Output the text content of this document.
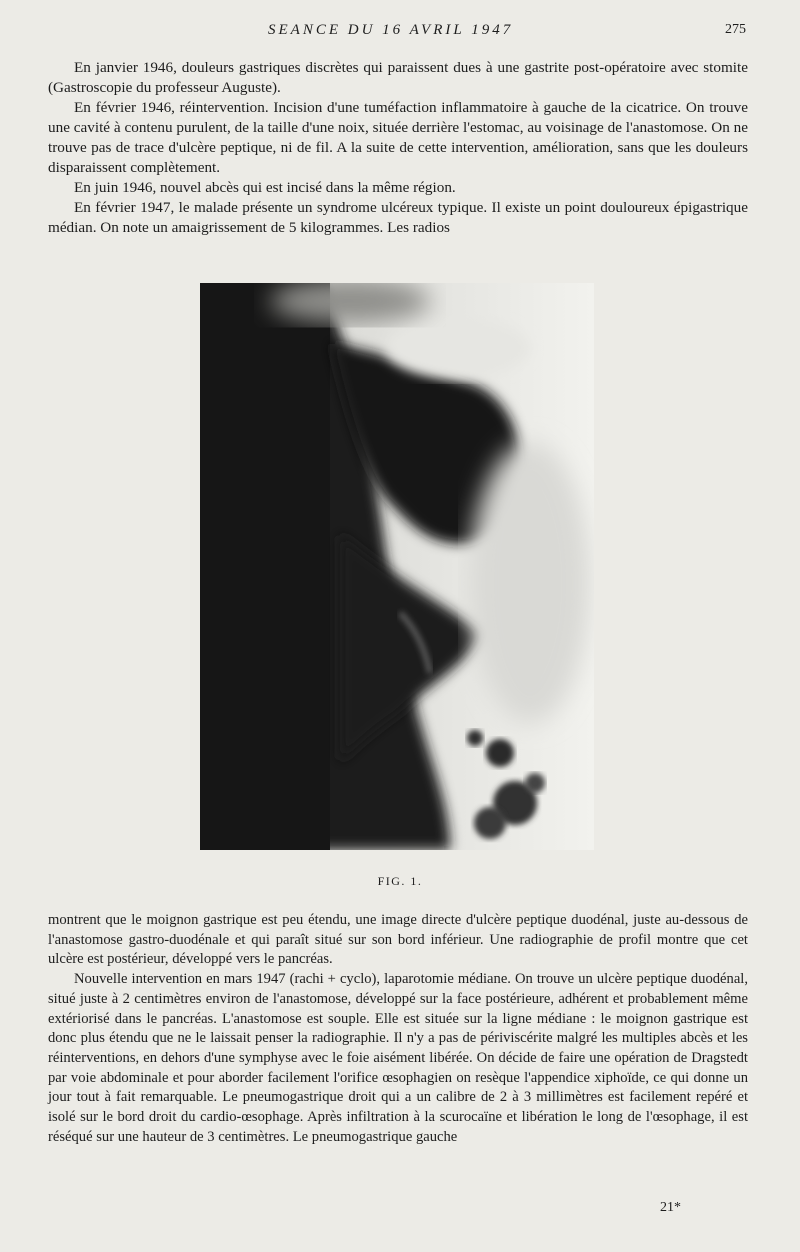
SEANCE DU 16 AVRIL 1947	275

En janvier 1946, douleurs gastriques discrètes qui paraissent dues à une gastrite post-opératoire avec stomite (Gastroscopie du professeur Auguste).

En février 1946, réintervention. Incision d'une tuméfaction inflammatoire à gauche de la cicatrice. On trouve une cavité à contenu purulent, de la taille d'une noix, située derrière l'estomac, au voisinage de l'anastomose. On ne trouve pas de trace d'ulcère peptique, ni de fil. A la suite de cette intervention, amélioration, sans que les douleurs disparaissent complètement.

En juin 1946, nouvel abcès qui est incisé dans la même région.

En février 1947, le malade présente un syndrome ulcéreux typique. Il existe un point douloureux épigastrique médian. On note un amaigrissement de 5 kilogrammes. Les radios

FIG. 1.

montrent que le moignon gastrique est peu étendu, une image directe d'ulcère peptique duodénal, juste au-dessous de l'anastomose gastro-duodénale et qui paraît situé sur son bord inférieur. Une radiographie de profil montre que cet ulcère est postérieur, développé vers le pancréas.

Nouvelle intervention en mars 1947 (rachi + cyclo), laparotomie médiane. On trouve un ulcère peptique duodénal, situé juste à 2 centimètres environ de l'anastomose, développé sur la face postérieure, adhérent et probablement même extériorisé dans le pancréas. L'anastomose est souple. Elle est située sur la ligne médiane : le moignon gastrique est donc plus étendu que ne le laissait penser la radiographie. Il n'y a pas de périviscérite malgré les multiples abcès et les réinterventions, en dehors d'une symphyse avec le foie aisément libérée. On décide de faire une opération de Dragstedt par voie abdominale et pour aborder facilement l'orifice œsophagien on resèque l'appendice xiphoïde, ce qui donne un jour tout à fait remarquable. Le pneumogastrique droit qui a un calibre de 2 à 3 millimètres est facilement repéré et isolé sur le bord droit du cardio-œsophage. Après infiltration à la scurocaïne et libération le long de l'œsophage, il est réséqué sur une hauteur de 3 centimètres. Le pneumogastrique gauche

21*
